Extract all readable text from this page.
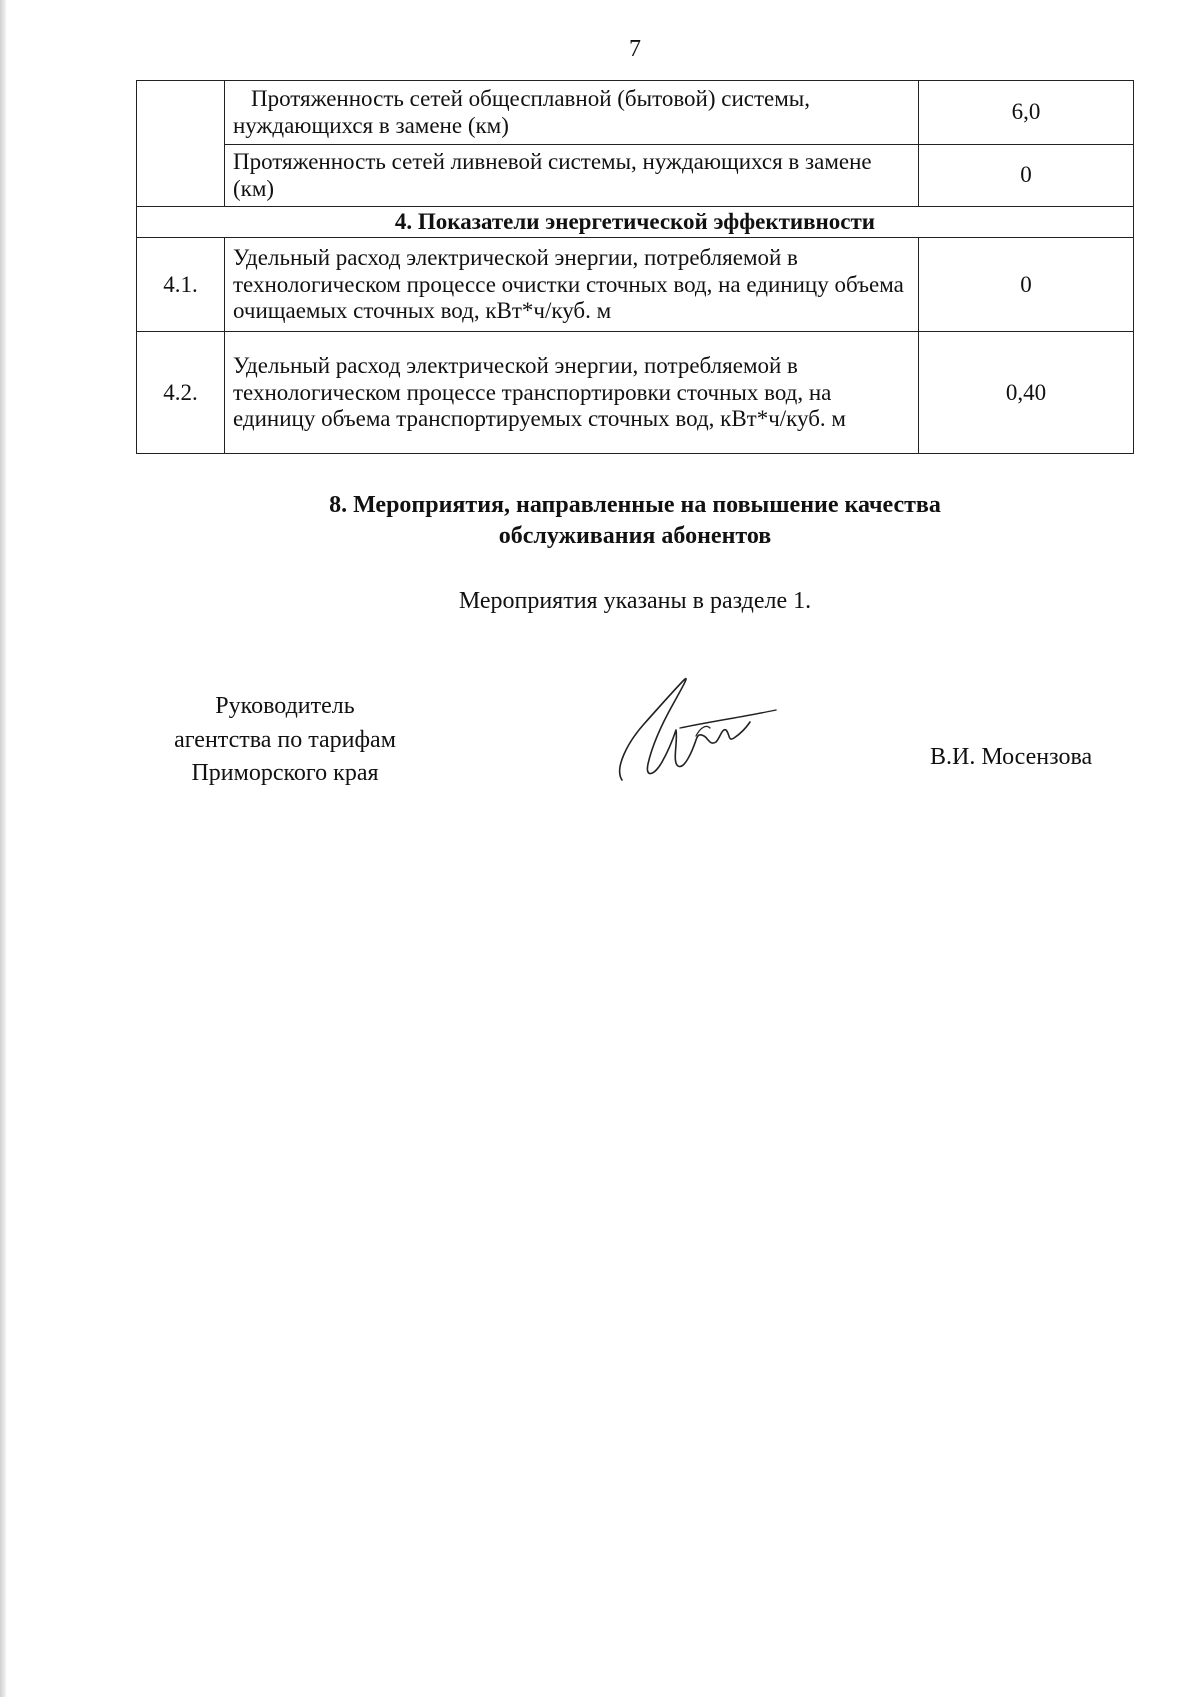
7
	Протяженность сетей общесплавной (бытовой) системы, нуждающихся в замене (км)	6,0
	Протяженность сетей ливневой системы, нуждающихся в замене (км)	0
4. Показатели энергетической эффективности		
4.1.	Удельный расход электрической энергии, потребляемой в технологическом процессе очистки сточных вод, на единицу объема очищаемых сточных вод, кВт*ч/куб. м	0
4.2.	Удельный расход электрической энергии, потребляемой в технологическом процессе транспортировки сточных вод, на единицу объема транспортируемых сточных вод, кВт*ч/куб. м	0,40
8. Мероприятия, направленные на повышение качества
обслуживания абонентов
Мероприятия указаны в разделе 1.
Руководитель
агентства по тарифам
Приморского края
В.И. Мосензова
